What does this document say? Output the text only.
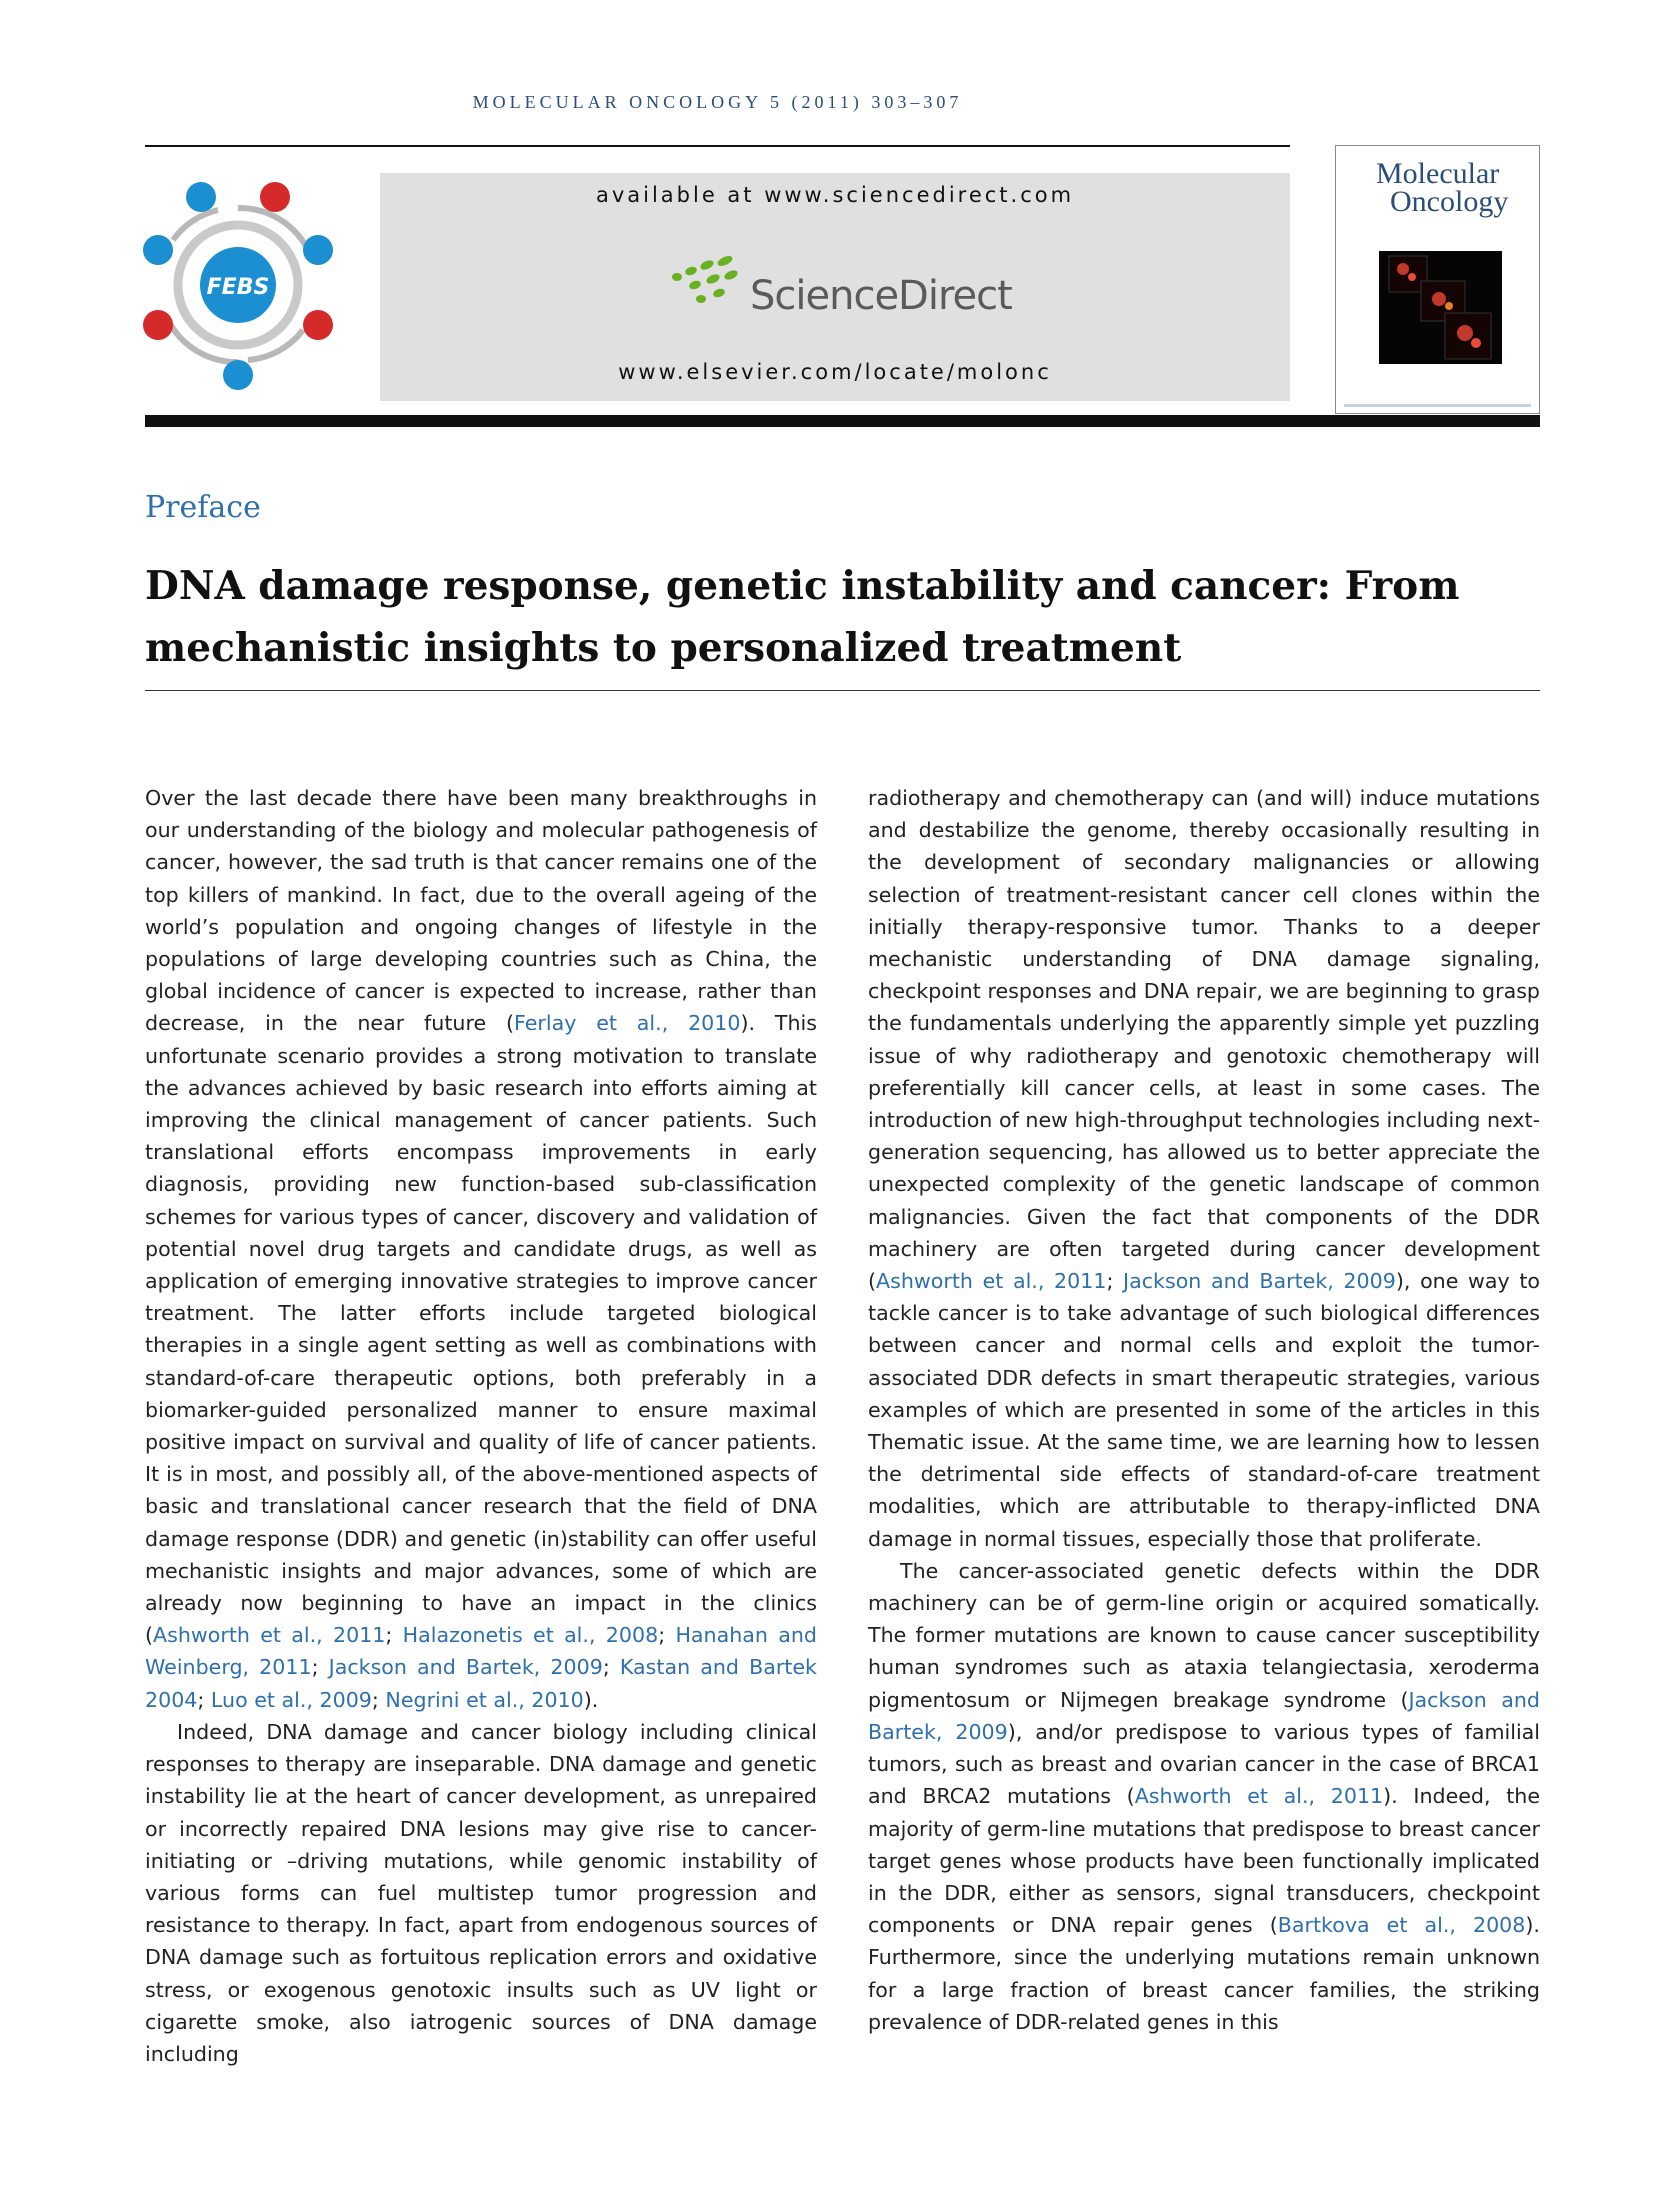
MOLECULAR ONCOLOGY 5 (2011) 303–307
FEBS
available at www.sciencedirect.com
ScienceDirect
www.elsevier.com/locate/molonc
Molecular
Oncology
Preface
DNA damage response, genetic instability and cancer: From mechanistic insights to personalized treatment

Over the last decade there have been many breakthroughs in our understanding of the biology and molecular pathogenesis of cancer, however, the sad truth is that cancer remains one of the top killers of mankind. In fact, due to the overall ageing of the world’s population and ongoing changes of lifestyle in the populations of large developing countries such as China, the global incidence of cancer is expected to increase, rather than decrease, in the near future (Ferlay et al., 2010). This unfortunate scenario provides a strong motivation to translate the advances achieved by basic research into efforts aiming at improving the clinical management of cancer patients. Such translational efforts encompass improvements in early diagnosis, providing new function-based sub-classification schemes for various types of cancer, discovery and validation of potential novel drug targets and candidate drugs, as well as application of emerging innovative strategies to improve cancer treatment. The latter efforts include targeted biological therapies in a single agent setting as well as combinations with standard-of-care therapeutic options, both preferably in a biomarker-guided personalized manner to ensure maximal positive impact on survival and quality of life of cancer patients. It is in most, and possibly all, of the above-mentioned aspects of basic and translational cancer research that the field of DNA damage response (DDR) and genetic (in)stability can offer useful mechanistic insights and major advances, some of which are already now beginning to have an impact in the clinics (Ashworth et al., 2011; Halazonetis et al., 2008; Hanahan and Weinberg, 2011; Jackson and Bartek, 2009; Kastan and Bartek 2004; Luo et al., 2009; Negrini et al., 2010).

Indeed, DNA damage and cancer biology including clinical responses to therapy are inseparable. DNA damage and genetic instability lie at the heart of cancer development, as unrepaired or incorrectly repaired DNA lesions may give rise to cancer-initiating or –driving mutations, while genomic instability of various forms can fuel multistep tumor progression and resistance to therapy. In fact, apart from endogenous sources of DNA damage such as fortuitous replication errors and oxidative stress, or exogenous genotoxic insults such as UV light or cigarette smoke, also iatrogenic sources of DNA damage including

radiotherapy and chemotherapy can (and will) induce mutations and destabilize the genome, thereby occasionally resulting in the development of secondary malignancies or allowing selection of treatment-resistant cancer cell clones within the initially therapy-responsive tumor. Thanks to a deeper mechanistic understanding of DNA damage signaling, checkpoint responses and DNA repair, we are beginning to grasp the fundamentals underlying the apparently simple yet puzzling issue of why radiotherapy and genotoxic chemotherapy will preferentially kill cancer cells, at least in some cases. The introduction of new high-throughput technologies including next-generation sequencing, has allowed us to better appreciate the unexpected complexity of the genetic landscape of common malignancies. Given the fact that components of the DDR machinery are often targeted during cancer development (Ashworth et al., 2011; Jackson and Bartek, 2009), one way to tackle cancer is to take advantage of such biological differences between cancer and normal cells and exploit the tumor-associated DDR defects in smart therapeutic strategies, various examples of which are presented in some of the articles in this Thematic issue. At the same time, we are learning how to lessen the detrimental side effects of standard-of-care treatment modalities, which are attributable to therapy-inflicted DNA damage in normal tissues, especially those that proliferate.

The cancer-associated genetic defects within the DDR machinery can be of germ-line origin or acquired somatically. The former mutations are known to cause cancer susceptibility human syndromes such as ataxia telangiectasia, xeroderma pigmentosum or Nijmegen breakage syndrome (Jackson and Bartek, 2009), and/or predispose to various types of familial tumors, such as breast and ovarian cancer in the case of BRCA1 and BRCA2 mutations (Ashworth et al., 2011). Indeed, the majority of germ-line mutations that predispose to breast cancer target genes whose products have been functionally implicated in the DDR, either as sensors, signal transducers, checkpoint components or DNA repair genes (Bartkova et al., 2008). Furthermore, since the underlying mutations remain unknown for a large fraction of breast cancer families, the striking prevalence of DDR-related genes in this
